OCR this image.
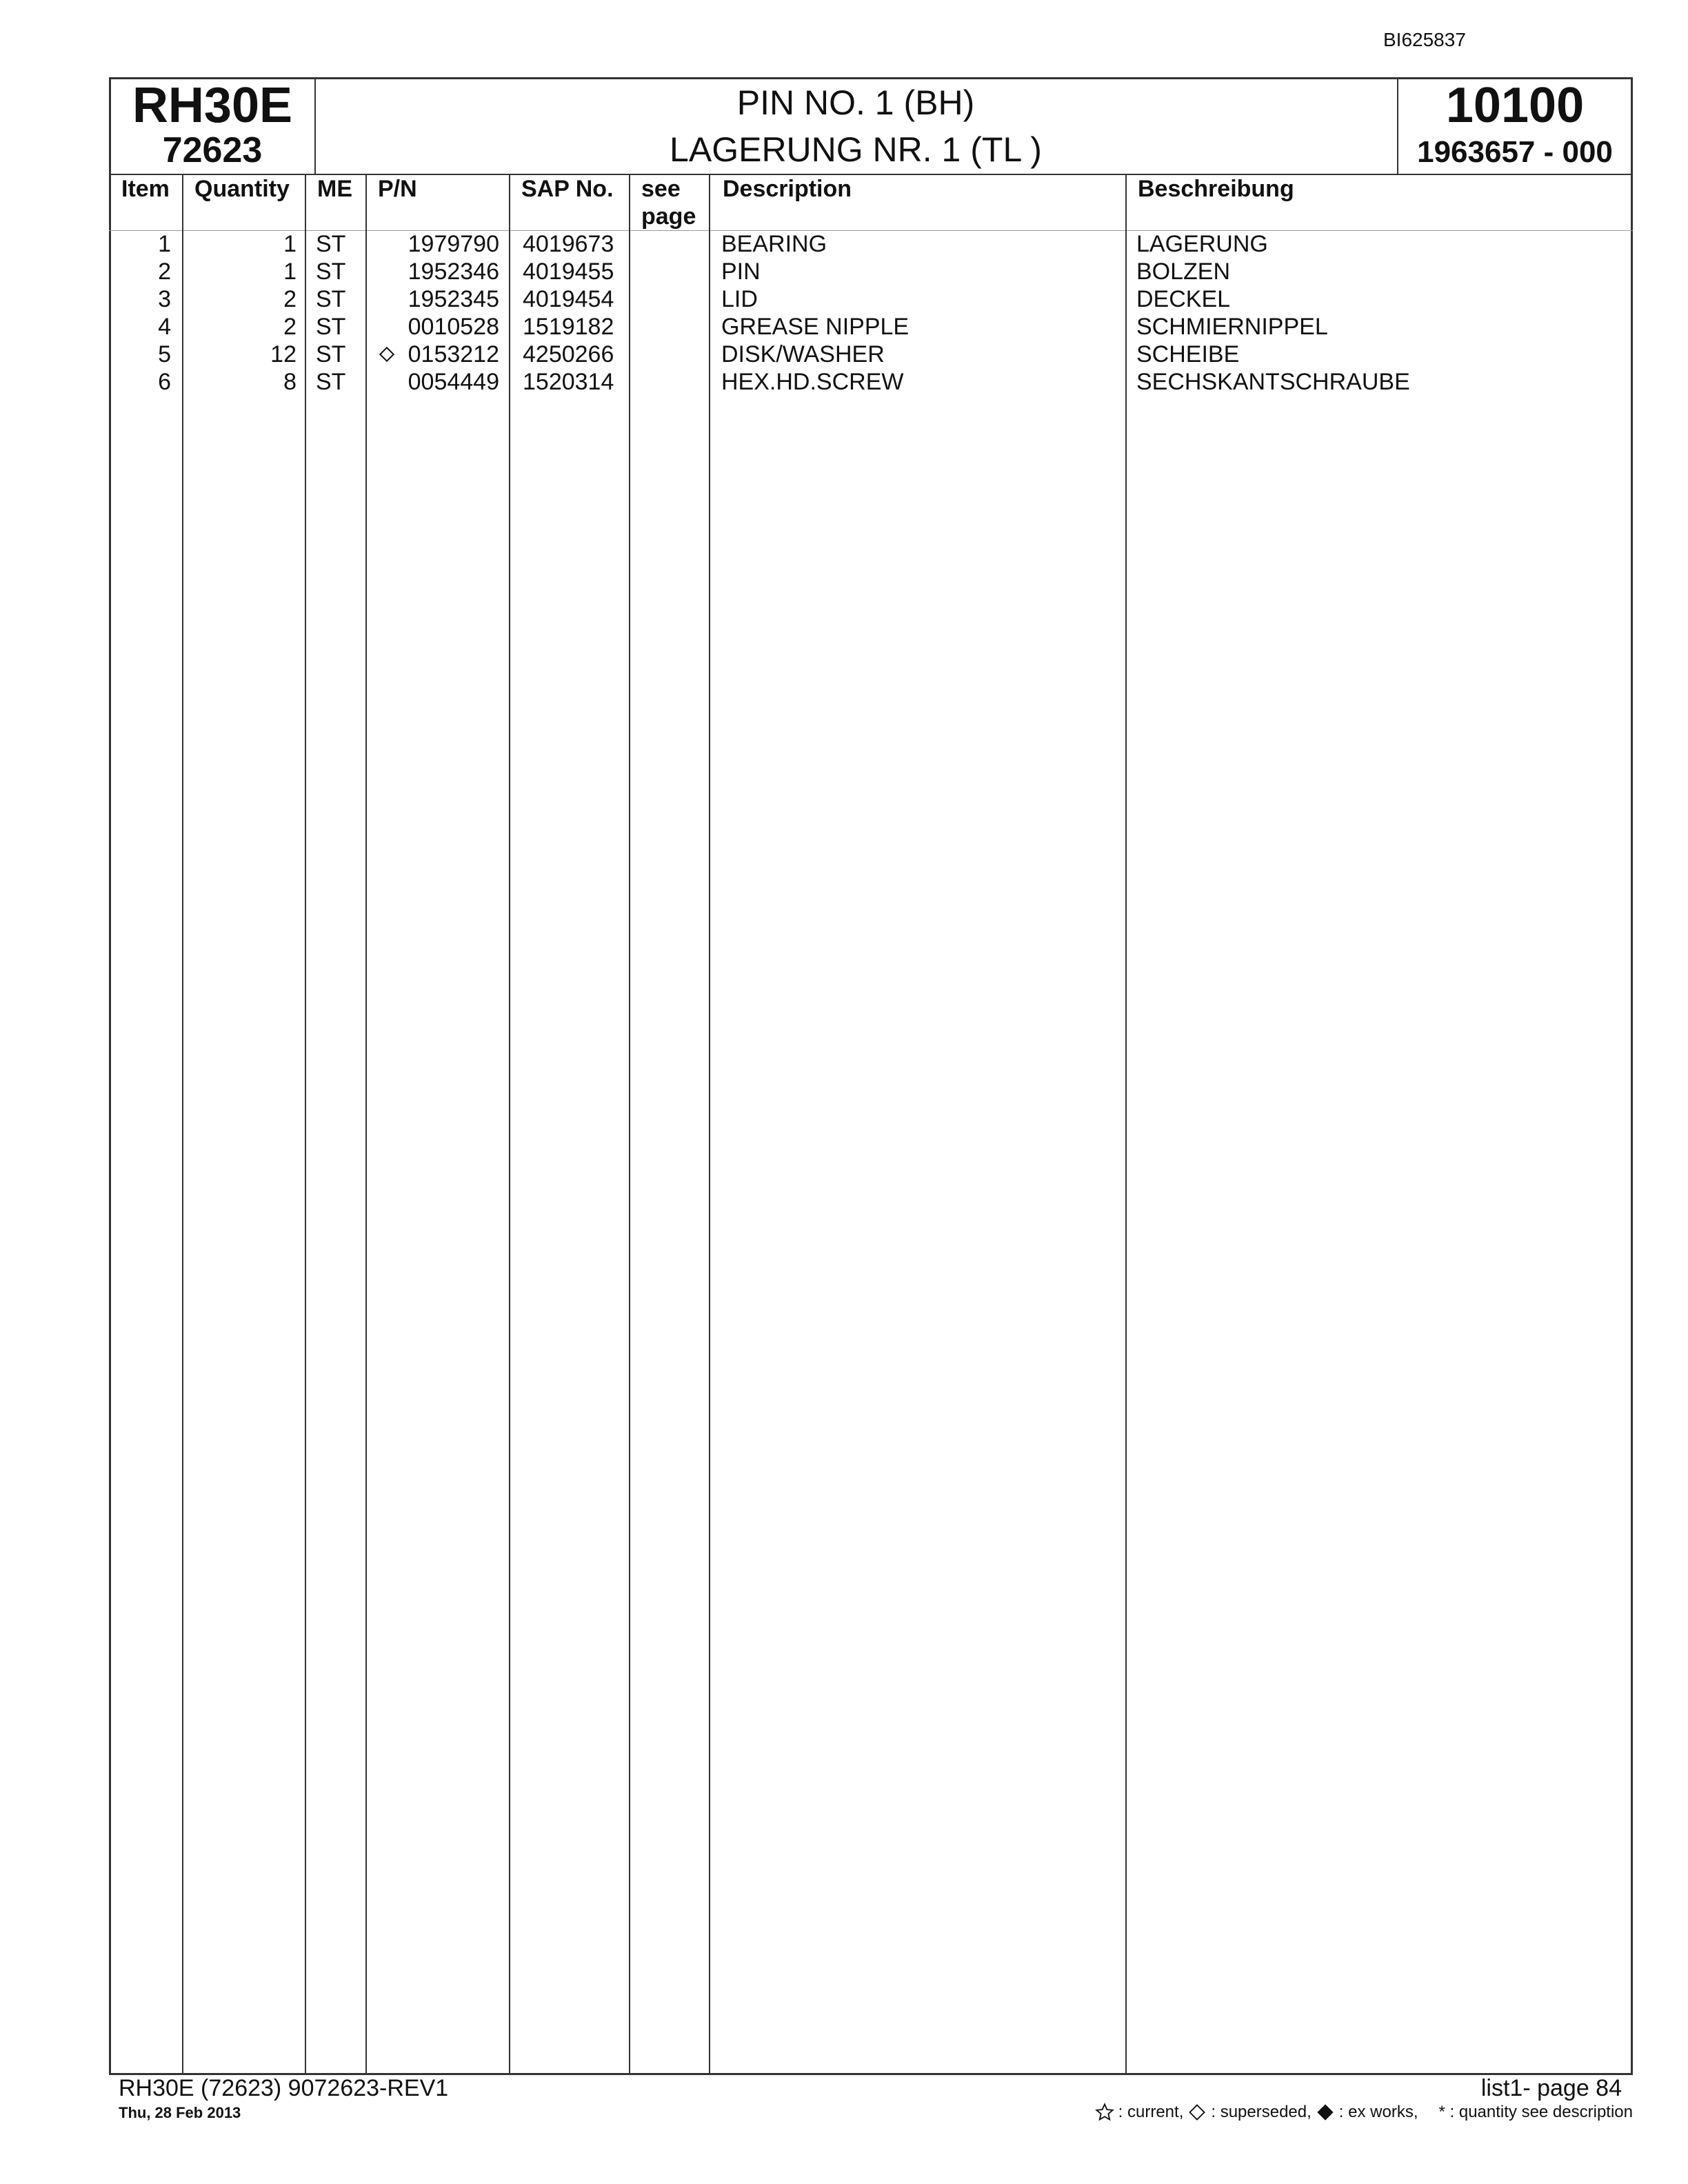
BI625837
RH30E
72623
PIN NO. 1 (BH)
LAGERUNG NR. 1 (TL )
10100
1963657 - 000
Item Quantity ME P/N	SAP No. see
page
Description	Beschreibung
1	1 ST	1979790 4019673	BEARING	LAGERUNG
2	1 ST	1952346 4019455	PIN	BOLZEN
3	2 ST	1952345 4019454	LID	DECKEL
4	2 ST	0010528 1519182	GREASE NIPPLE	SCHMIERNIPPEL
5	12 ST	0153212 4250266	DISK/WASHER	SCHEIBE
6	8 ST	0054449 1520314	HEX.HD.SCREW	SECHSKANTSCHRAUBE
RH30E (72623) 9072623-REV1
Thu, 28 Feb 2013
list1- page 84
: current, : superseded, : ex works, * : quantity see description
